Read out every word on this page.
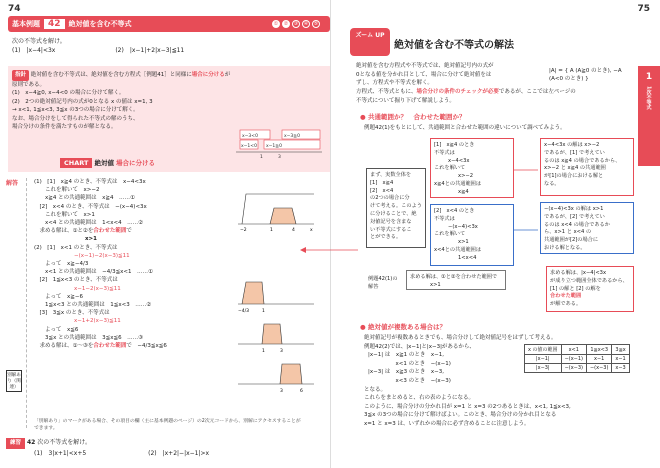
74
基本例題 42	絶対値を含む不等式	①	②	③	④	⑤
次の不等式を解け。
(1)　|x−4|<3x	(2)　|x−1|+2|x−3|≦11
指針 絶対値を含む不等式は、絶対値を含む方程式［例題41］と同様に場合に分けるが
原則である。
(1)　x−4≧0, x−4<0 の場合に分けて解く。
(2)　2つの絶対値記号内の式が0となる x の値は x=1, 3
→ x<1, 1≦x<3, 3≦x の3つの場合に分けて解く。
なお、場合分けをして得られた不等式の解のうち、
場合分けの条件を満たすものが解となる。
x−3<0	x−3≧0
x−1<0 x−1≧0
1	3
CHART 絶対値 場合に分ける
解答	(1)　[1]　x≧4 のとき、不等式は　x−4<3x
　　これを解いて　x>−2
　　x≧4 との共通範囲は　x≧4　……①
　[2]　x<4 のとき、不等式は　−(x−4)<3x
　　これを解いて　x>1
　　x<4 との共通範囲は　1<x<4　……②
　求める解は、①と②を合わせた範囲で
　　x>1
(2)　[1]　x<1 のとき、不等式は
−(x−1)−2(x−3)≦11
　　よって　x≧−4/3
　　x<1 との共通範囲は　−4/3≦x<1　……①
　[2]　1≦x<3 のとき、不等式は
x−1−2(x−3)≦11
　　よって　x≧−6
　　1≦x<3 との共通範囲は　1≦x<3　……②
　[3]　3≦x のとき、不等式は
x−1+2(x−3)≦11
　　よって　x≦6
　　3≦x との共通範囲は　3≦x≦6　……③
　求める解は、①〜③を合わせた範囲で　−4/3≦x≦6
−2	1	4	x
−4/3	1
1	3
3	6
別解あり（関連）
「別解あり」のマークがある場合、その項目の欄（主に基本例題のページ）の2次元コードから、別解にアクセスすることができます。
練習 42 次の不等式を解け。
(1)　3|x+1|<x+5	(2)　|x+2|−|x−1|>x
75
ズーム UP
絶対値を含む不等式の解法
1
1次不等式
絶対値を含む方程式や不等式では、絶対値記号内の式が
0となる値を分かれ目として、場合に分けて絶対値をは
ずし、方程式や不等式を解く。
|A| = { A (A≧0 のとき), −A (A<0 のとき) }
方程式、不等式ともに、場合分けの条件のチェックが必要であるが、ここでは左ページの
不等式について掘り下げて解説しよう。
● 共通範囲か？　合わせた範囲か？
例題42(1)をもとにして、共通範囲と合わせた範囲の違いについて調べてみよう。
[1]　x≧4 のとき
不等式は
x−4<3x
これを解いて
x>−2
x≧4との共通範囲は
x≧4
[2]　x<4 のとき
不等式は
−(x−4)<3x
これを解いて
x>1
x<4との共通範囲は
1<x<4
まず、実数全体を
[1]　x≧4
[2]　x<4
の2つの場合に分
けて考える。このよう
に分けることで、絶
対値記号を含まな
い不等式にするこ
とができる。
x−4<3x の解は x>−2
であるが、[1] で考えてい
るのは x≧4 の場合であるから、
x>−2 と x≧4 の共通範囲
が[1]の場合における解と
なる。
−(x−4)<3x の解は x>1
であるが、[2] で考えてい
るのは x<4 の場合であるか
ら、x>1 と x<4 の
共通範囲が[2]の場合に
おける解となる。
求める解は、①と②を合わせた範囲で
x>1
求める解は、|x−4|<3x
が成り立つ範囲全体であるから、
[1] の解と [2] の解を
合わせた範囲
が解である。
例題42(1)の解答
● 絶対値が複数ある場合は？
絶対値記号が複数あるときでも、場合分けして絶対値記号をはずして考える。
例題42(2)では、|x−1|と|x−3|があるから、
|x−1| は　x≧1 のとき　x−1,
　　　　　x<1 のとき　−(x−1)
|x−3| は　x≧3 のとき　x−3,
　　　　　x<3 のとき　−(x−3)
となる。
これらをまとめると、右の表のようになる。
このように、場合分けの分かれ目が x=1 と x=3 の2つあるときは、x<1, 1≦x<3,
3≦x の3つの場合に分けて解けばよい。このとき、場合分けの分かれ目となる
x=1 と x=3 は、いずれかの場合に必ず含めることに注意しよう。
x の値の範囲	x<1	1≦x<3	3≦x
|x−1|	−(x−1)	x−1	x−1
|x−3|	−(x−3)	−(x−3)	x−3
